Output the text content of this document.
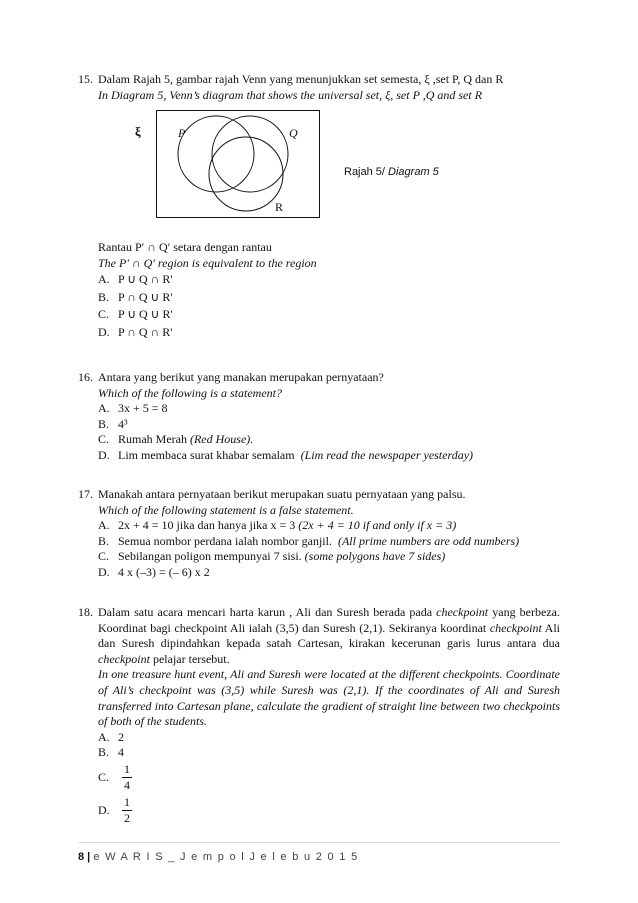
15. Dalam Rajah 5, gambar rajah Venn yang menunjukkan set semesta, ξ ,set P, Q dan R
In Diagram 5, Venn’s diagram that shows the universal set, ξ, set P ,Q and set R
ξ	P	Q
R
Rajah 5/ Diagram 5
Rantau P′ ∩ Q′ setara dengan rantau
The P′ ∩ Q′ region is equivalent to the region
A. P ∪ Q ∩ R'
B. P ∩ Q ∪ R'
C. P ∪ Q ∪ R'
D. P ∩ Q ∩ R'
16. Antara yang berikut yang manakan merupakan pernyataan?
Which of the following is a statement?
A. 3x + 5 = 8
B. 4³
C. Rumah Merah
(Red House).
D. Lim membaca surat khabar semalam
(Lim read the newspaper yesterday)
17. Manakah antara pernyataan berikut merupakan suatu pernyataan yang palsu.
Which of the following statement is a false statement.
A. 2x + 4 = 10 jika dan hanya jika x = 3
(2x + 4 = 10 if and only if x = 3)
B. Semua nombor perdana ialah nombor ganjil.
(All prime numbers are odd numbers)
C. Sebilangan poligon mempunyai 7 sisi.
(some polygons have 7 sides)
D. 4 x (–3) = (– 6) x 2
18. Dalam satu acara mencari harta karun , Ali dan Suresh berada pada checkpoint yang berbeza. Koordinat bagi checkpoint Ali ialah (3,5) dan Suresh (2,1). Sekiranya koordinat checkpoint Ali dan Suresh dipindahkan kepada satah Cartesan, kirakan kecerunan garis lurus antara dua checkpoint pelajar tersebut.
In one treasure hunt event, Ali and Suresh were located at the different checkpoints. Coordinate of Ali’s checkpoint was (3,5) while Suresh was (2,1). If the coordinates of Ali and Suresh transferred into Cartesan plane, calculate the gradient of straight line between two checkpoints of both of the students.
A. 2
B. 4
C.	$\frac{1}{4}$
D.	$\frac{1}{2}$
8 | e W A R I S _ J e m p o l J e l e b u 2 0 1 5
